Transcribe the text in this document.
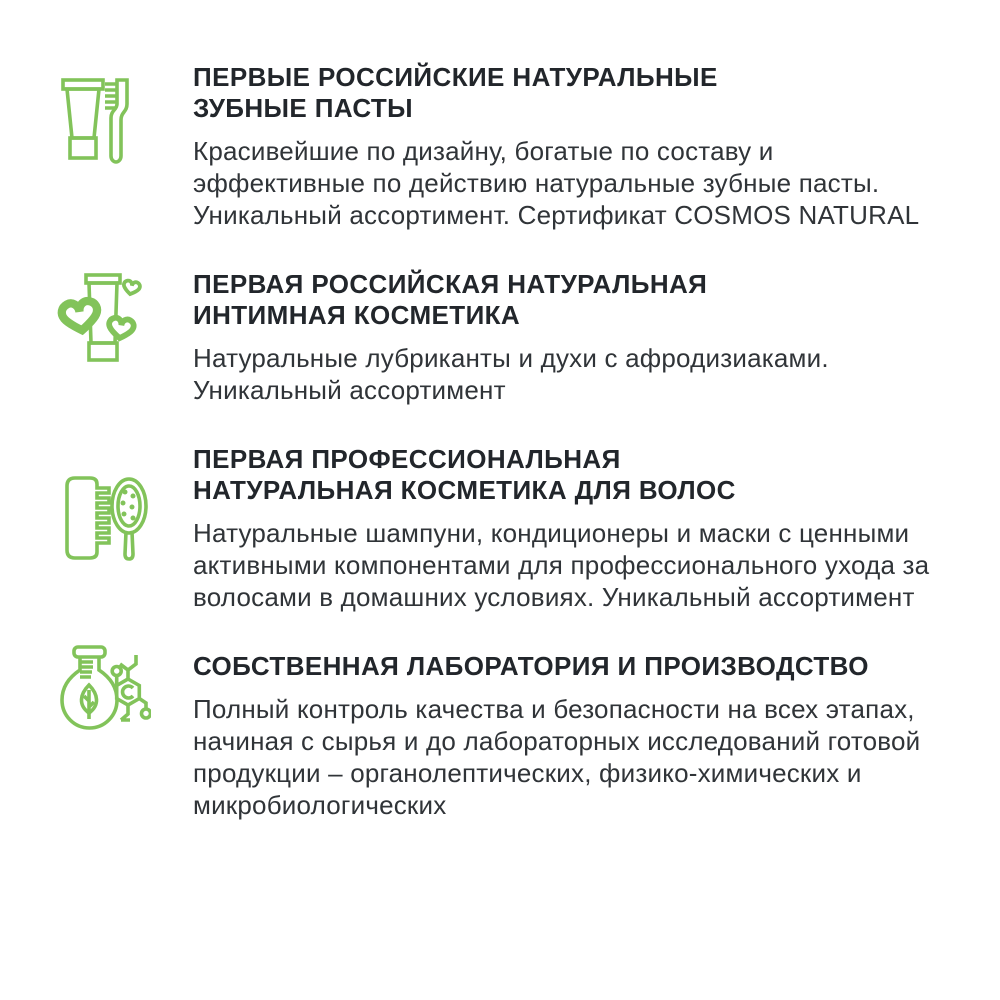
ПЕРВЫЕ РОССИЙСКИЕ НАТУРАЛЬНЫЕ
ЗУБНЫЕ ПАСТЫ

Красивейшие по дизайну, богатые по составу и эффективные по действию натуральные зубные пасты. Уникальный ассортимент. Сертификат COSMOS NATURAL

ПЕРВАЯ РОССИЙСКАЯ НАТУРАЛЬНАЯ
ИНТИМНАЯ КОСМЕТИКА

Натуральные лубриканты и духи с афродизиаками. Уникальный ассортимент

ПЕРВАЯ ПРОФЕССИОНАЛЬНАЯ
НАТУРАЛЬНАЯ КОСМЕТИКА ДЛЯ ВОЛОС

Натуральные шампуни, кондиционеры и маски с ценными активными компонентами для профессионального ухода за волосами в домашних условиях. Уникальный ассортимент

СОБСТВЕННАЯ ЛАБОРАТОРИЯ И ПРОИЗВОДСТВО

Полный контроль качества и безопасности на всех этапах, начиная с сырья и до лабораторных исследований готовой продукции – органолептических, физико-химических и микробиологических
